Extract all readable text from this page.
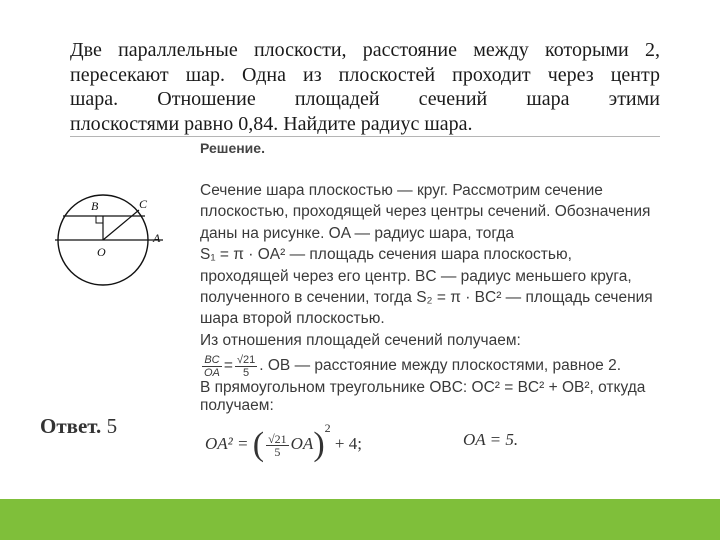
Две параллельные плоскости, расстояние между которыми 2,
пересекают шар. Одна из плоскостей проходит через центр
шара. Отношение площадей сечений шара этими
плоскостями равно 0,84. Найдите радиус шара.
Решение.
Сечение шара плоскостью — круг. Рассмотрим сечение
плоскостью, проходящей через центры сечений. Обозначения
даны на рисунке. OA — радиус шара, тогда
S₁ = π · OA² — площадь сечения шара плоскостью,
проходящей через его центр. BC — радиус меньшего круга,
полученного в сечении, тогда S₂ = π · BC² — площадь сечения
шара второй плоскостью.
Из отношения площадей сечений получаем:
$\frac{BC}{OA} = \frac{√21}{5}$ . OB — расстояние между плоскостями, равное 2.
В прямоугольном треугольнике OBC: OC² = BC² + OB², откуда
получаем:
B	C
O
A
Ответ. 5
OA² = ( $\frac{√21}{5} OA)^2 + 4$;	OA = 5.
